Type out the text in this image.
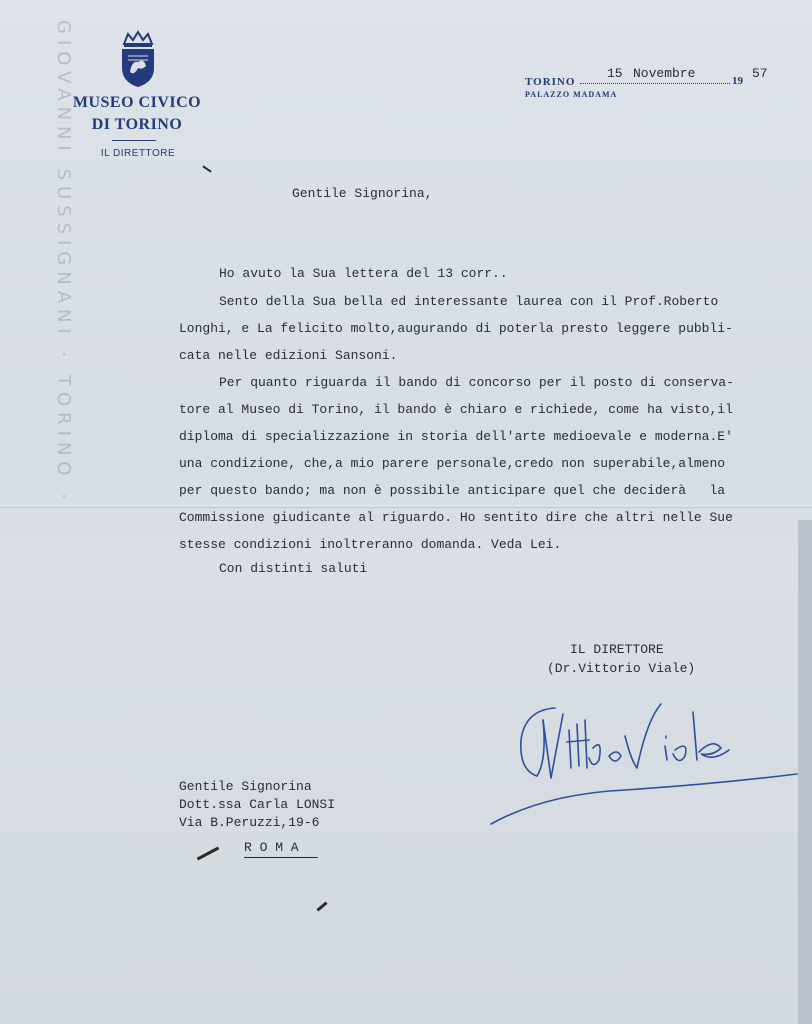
GIOVANNI SUSSIGNANI · TORINO ·
MUSEO CIVICO
DI TORINO
IL DIRETTORE
TORINO
PALAZZO MADAMA
15 Novembre	19 57
Gentile Signorina,
Ho avuto la Sua lettera del 13 corr..
Sento della Sua bella ed interessante laurea con il Prof.Roberto
Longhi, e La felicito molto,augurando di poterla presto leggere pubbli-
cata nelle edizioni Sansoni.
Per quanto riguarda il bando di concorso per il posto di conservа-
tore al Museo di Torino, il bando è chiaro e richiede, come ha visto,il
diploma di specializzazione in storia dell'arte medioevale e moderna.E'
una condizione, che,a mio parere personale,credo non superabile,almeno
per questo bando; ma non è possibile anticipare quel che deciderà   la
Commissione giudicante al riguardo. Ho sentito dire che altri nelle Sue
stesse condizioni inoltreranno domanda. Veda Lei.
Con distinti saluti
IL DIRETTORE
(Dr.Vittorio Viale)
Gentile Signorina
Dott.ssa Carla LONSI
Via B.Peruzzi,19-6
R O M A
